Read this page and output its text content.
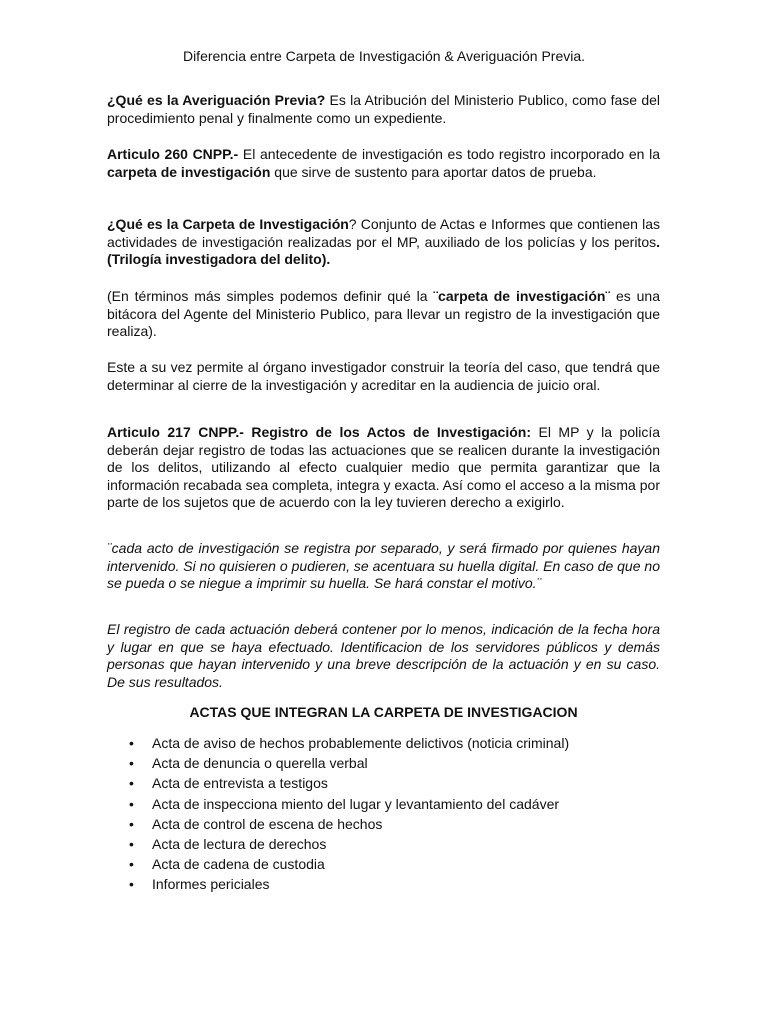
Diferencia entre Carpeta de Investigación & Averiguación Previa.

¿Qué es la Averiguación Previa? Es la Atribución del Ministerio Publico, como fase del procedimiento penal y finalmente como un expediente.

Articulo 260 CNPP.- El antecedente de investigación es todo registro incorporado en la carpeta de investigación que sirve de sustento para aportar datos de prueba.

¿Qué es la Carpeta de Investigación? Conjunto de Actas e Informes que contienen las actividades de investigación realizadas por el MP, auxiliado de los policías y los peritos. (Trilogía investigadora del delito).

(En términos más simples podemos definir qué la ¨carpeta de investigación¨ es una bitácora del Agente del Ministerio Publico, para llevar un registro de la investigación que realiza).

Este a su vez permite al órgano investigador construir la teoría del caso, que tendrá que determinar al cierre de la investigación y acreditar en la audiencia de juicio oral.

Articulo 217 CNPP.- Registro de los Actos de Investigación: El MP y la policía deberán dejar registro de todas las actuaciones que se realicen durante la investigación de los delitos, utilizando al efecto cualquier medio que permita garantizar que la información recabada sea completa, integra y exacta. Así como el acceso a la misma por parte de los sujetos que de acuerdo con la ley tuvieren derecho a exigirlo.

¨cada acto de investigación se registra por separado, y será firmado por quienes hayan intervenido. Si no quisieren o pudieren, se acentuara su huella digital. En caso de que no se pueda o se niegue a imprimir su huella. Se hará constar el motivo.¨

El registro de cada actuación deberá contener por lo menos, indicación de la fecha hora y lugar en que se haya efectuado. Identificacion de los servidores públicos y demás personas que hayan intervenido y una breve descripción de la actuación y en su caso. De sus resultados.

ACTAS QUE INTEGRAN LA CARPETA DE INVESTIGACION
• Acta de aviso de hechos probablemente delictivos (noticia criminal)
• Acta de denuncia o querella verbal
• Acta de entrevista a testigos
• Acta de inspecciona miento del lugar y levantamiento del cadáver
• Acta de control de escena de hechos
• Acta de lectura de derechos
• Acta de cadena de custodia
• Informes periciales
